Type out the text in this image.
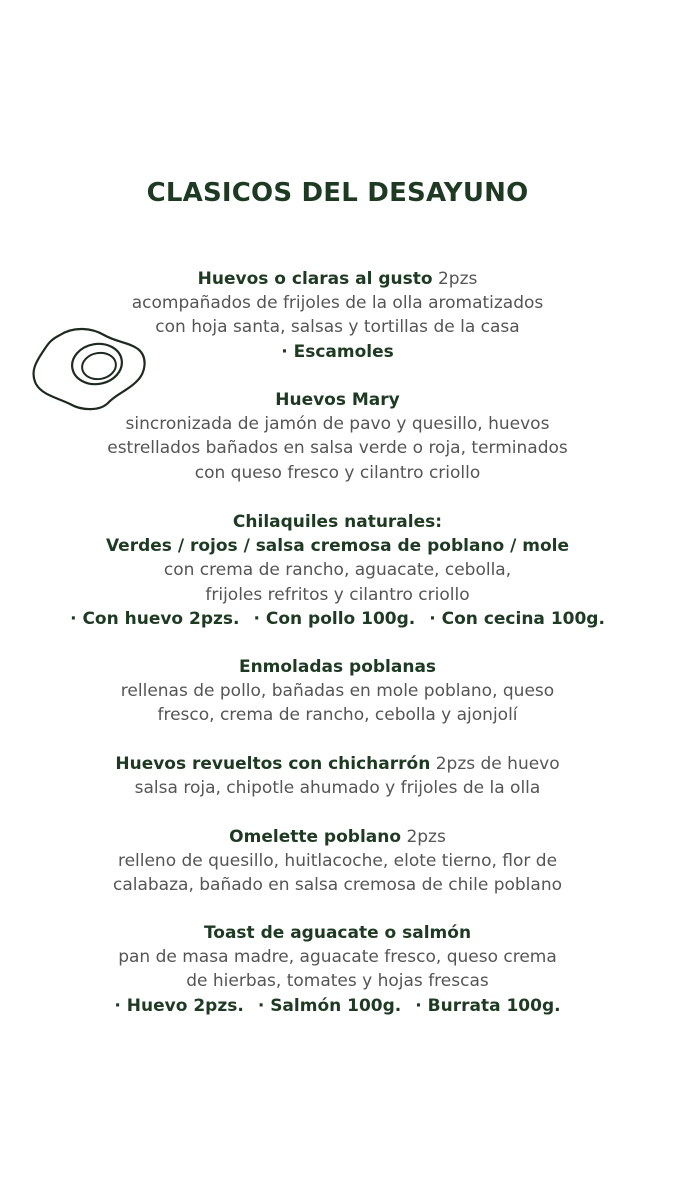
CLASICOS DEL DESAYUNO
Huevos o claras al gusto 2pzs
acompañados de frijoles de la olla aromatizados
con hoja santa, salsas y tortillas de la casa
· Escamoles
Huevos Mary
sincronizada de jamón de pavo y quesillo, huevos
estrellados bañados en salsa verde o roja, terminados
con queso fresco y cilantro criollo
Chilaquiles naturales:
Verdes / rojos / salsa cremosa de poblano / mole
con crema de rancho, aguacate, cebolla,
frijoles refritos y cilantro criollo
· Con huevo 2pzs. · Con pollo 100g. · Con cecina 100g.
Enmoladas poblanas
rellenas de pollo, bañadas en mole poblano, queso
fresco, crema de rancho, cebolla y ajonjolí
Huevos revueltos con chicharrón 2pzs de huevo
salsa roja, chipotle ahumado y frijoles de la olla
Omelette poblano 2pzs
relleno de quesillo, huitlacoche, elote tierno, flor de
calabaza, bañado en salsa cremosa de chile poblano
Toast de aguacate o salmón
pan de masa madre, aguacate fresco, queso crema
de hierbas, tomates y hojas frescas
· Huevo 2pzs. · Salmón 100g. · Burrata 100g.
